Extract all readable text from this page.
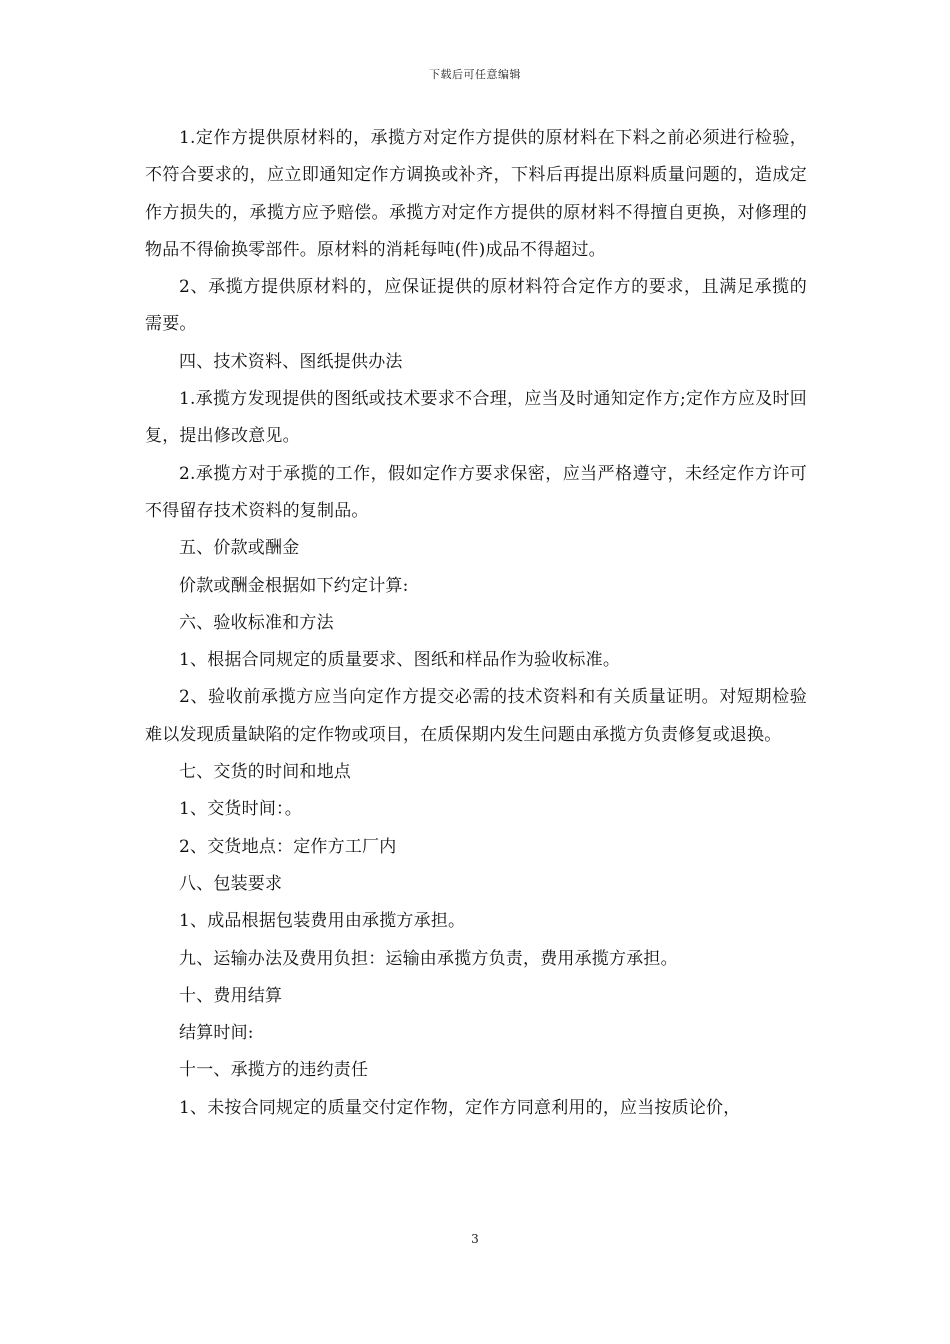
下载后可任意编辑

1.定作方提供原材料的，承揽方对定作方提供的原材料在下料之前必须进行检验，不符合要求的，应立即通知定作方调换或补齐，下料后再提出原料质量问题的，造成定作方损失的，承揽方应予赔偿。承揽方对定作方提供的原材料不得擅自更换，对修理的物品不得偷换零部件。原材料的消耗每吨(件)成品不得超过。

2、承揽方提供原材料的，应保证提供的原材料符合定作方的要求，且满足承揽的需要。

四、技术资料、图纸提供办法

1.承揽方发现提供的图纸或技术要求不合理，应当及时通知定作方;定作方应及时回复，提出修改意见。

2.承揽方对于承揽的工作，假如定作方要求保密，应当严格遵守，未经定作方许可不得留存技术资料的复制品。

五、价款或酬金

价款或酬金根据如下约定计算:

六、验收标准和方法

1、根据合同规定的质量要求、图纸和样品作为验收标准。

2、验收前承揽方应当向定作方提交必需的技术资料和有关质量证明。对短期检验难以发现质量缺陷的定作物或项目，在质保期内发生问题由承揽方负责修复或退换。

七、交货的时间和地点

1、交货时间：。

2、交货地点：定作方工厂内

八、包装要求

1、成品根据包装费用由承揽方承担。

九、运输办法及费用负担：运输由承揽方负责，费用承揽方承担。

十、费用结算

结算时间:

十一、承揽方的违约责任

1、未按合同规定的质量交付定作物，定作方同意利用的，应当按质论价，

3
